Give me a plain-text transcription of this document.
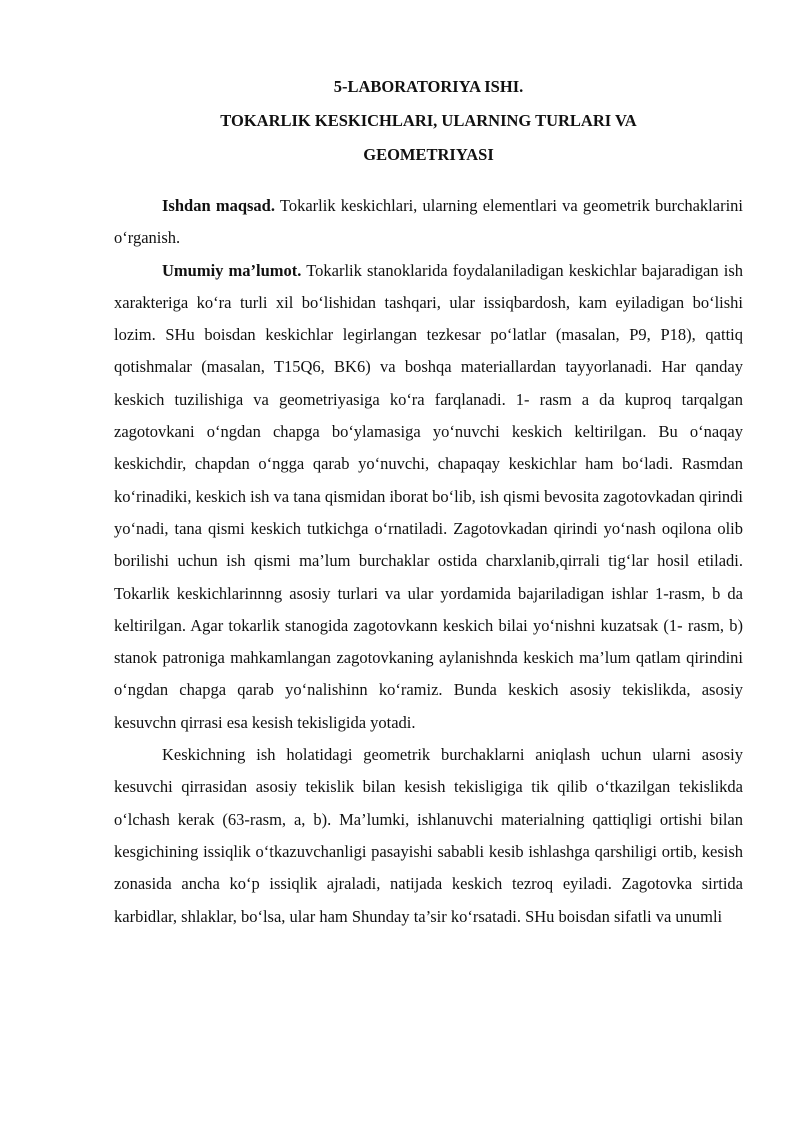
5-LABORATORIYA ISHI.
TOKARLIK KESKICHLARI, ULARNING TURLARI VA
GEOMETRIYASI

Ishdan maqsad. Tokarlik keskichlari, ularning elementlari va geometrik burchaklarini o‘rganish.

Umumiy ma’lumot. Tokarlik stanoklarida foydalaniladigan keskichlar bajaradigan ish xarakteriga ko‘ra turli xil bo‘lishidan tashqari, ular issiqbardosh, kam eyiladigan bo‘lishi lozim. SHu boisdan keskichlar legirlangan tezkesar po‘latlar (masalan, P9, P18), qattiq qotishmalar (masalan, T15Q6, BK6) va boshqa materiallardan tayyorlanadi. Har qanday keskich tuzilishiga va geometriyasiga ko‘ra farqlanadi. 1- rasm a da kuproq tarqalgan zagotovkani o‘ngdan chapga bo‘ylamasiga yo‘nuvchi keskich keltirilgan. Bu o‘naqay keskichdir, chapdan o‘ngga qarab yo‘nuvchi, chapaqay keskichlar ham bo‘ladi. Rasmdan ko‘rinadiki, keskich ish va tana qismidan iborat bo‘lib, ish qismi bevosita zagotovkadan qirindi yo‘nadi, tana qismi keskich tutkichga o‘rnatiladi. Zagotovkadan qirindi yo‘nash oqilona olib borilishi uchun ish qismi ma’lum burchaklar ostida charxlanib,qirrali tig‘lar hosil etiladi. Tokarlik keskichlarinnng asosiy turlari va ular yordamida bajariladigan ishlar 1-rasm, b da keltirilgan. Agar tokarlik stanogida zagotovkann keskich bilai yo‘nishni kuzatsak (1- rasm, b) stanok patroniga mahkamlangan zagotovkaning aylanishnda keskich ma’lum qatlam qirindini o‘ngdan chapga qarab yo‘nalishinn ko‘ramiz. Bunda keskich asosiy tekislikda, asosiy kesuvchn qirrasi esa kesish tekisligida yotadi.

Keskichning ish holatidagi geometrik burchaklarni aniqlash uchun ularni asosiy kesuvchi qirrasidan asosiy tekislik bilan kesish tekisligiga tik qilib o‘tkazilgan tekislikda o‘lchash kerak (63-rasm, a, b). Ma’lumki, ishlanuvchi materialning qattiqligi ortishi bilan kesgichining issiqlik o‘tkazuvchanligi pasayishi sababli kesib ishlashga qarshiligi ortib, kesish zonasida ancha ko‘p issiqlik ajraladi, natijada keskich tezroq eyiladi. Zagotovka sirtida karbidlar, shlaklar, bo‘lsa, ular ham Shunday ta’sir ko‘rsatadi. SHu boisdan sifatli va unumli
